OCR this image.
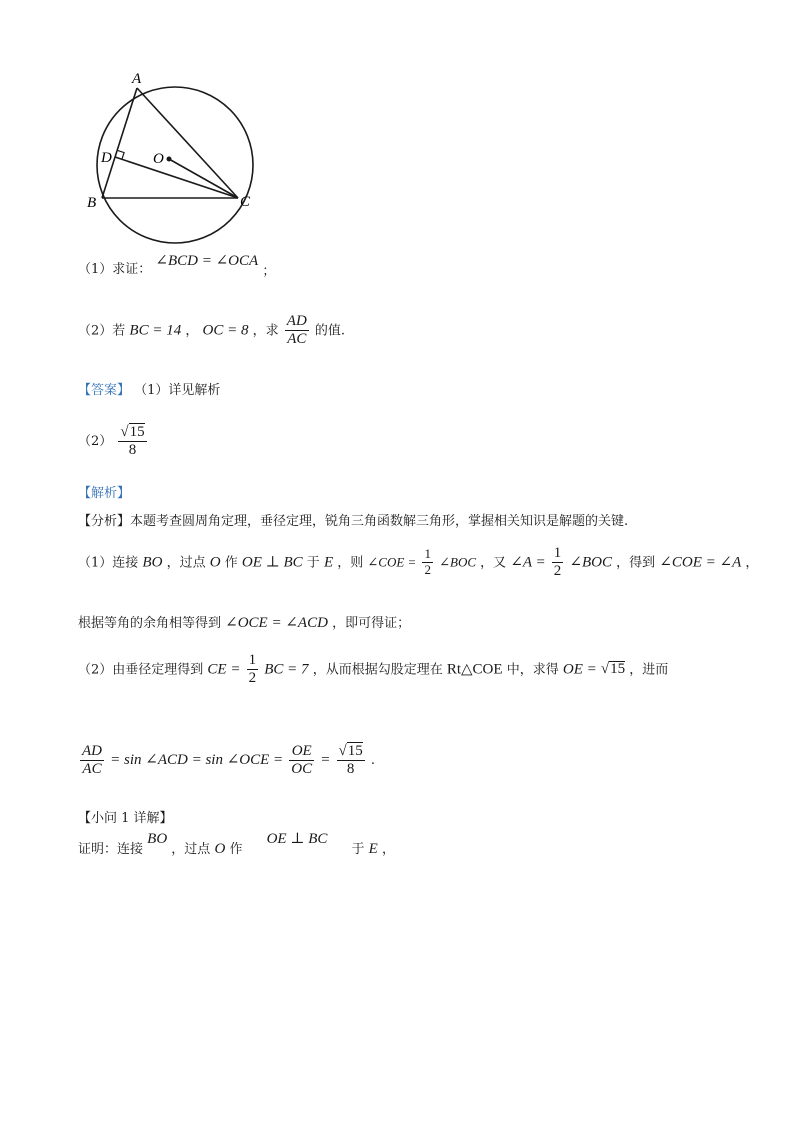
A
B	C
D	O
（1）求证： ∠BCD = ∠OCA ；
（2）若 BC = 14 ， OC = 8 ，求 $\frac{AD}{AC}$ 的值.
【答案】 （1）详见解析
$(2) \frac{√15}{8}$
【解析】
【分析】本题考查圆周角定理，垂径定理，锐角三角函数解三角形，掌握相关知识是解题的关键.
（1）连接 BO ，过点 O 作 OE ⊥ BC 于 E ，则 ∠COE = $\frac{1}{2}$ ∠BOC ，又 ∠A = $\frac{1}{2}$ ∠BOC ，得到 ∠COE = ∠A ，
根据等角的余角相等得到 ∠OCE = ∠ACD ，即可得证；
（2）由垂径定理得到 CE = $\frac{1}{2}$ BC = 7 ，从而根据勾股定理在 Rt△COE 中，求得 OE = √15 ，进而
$\frac{AD}{AC} = \sin$ ∠ACD = sin ∠OCE = $\frac{OE}{OC} = \frac{√15}{8}$ .
【小问 1 详解】
证明：连接 BO ，过点 O 作 OE ⊥ BC 于 E ，
